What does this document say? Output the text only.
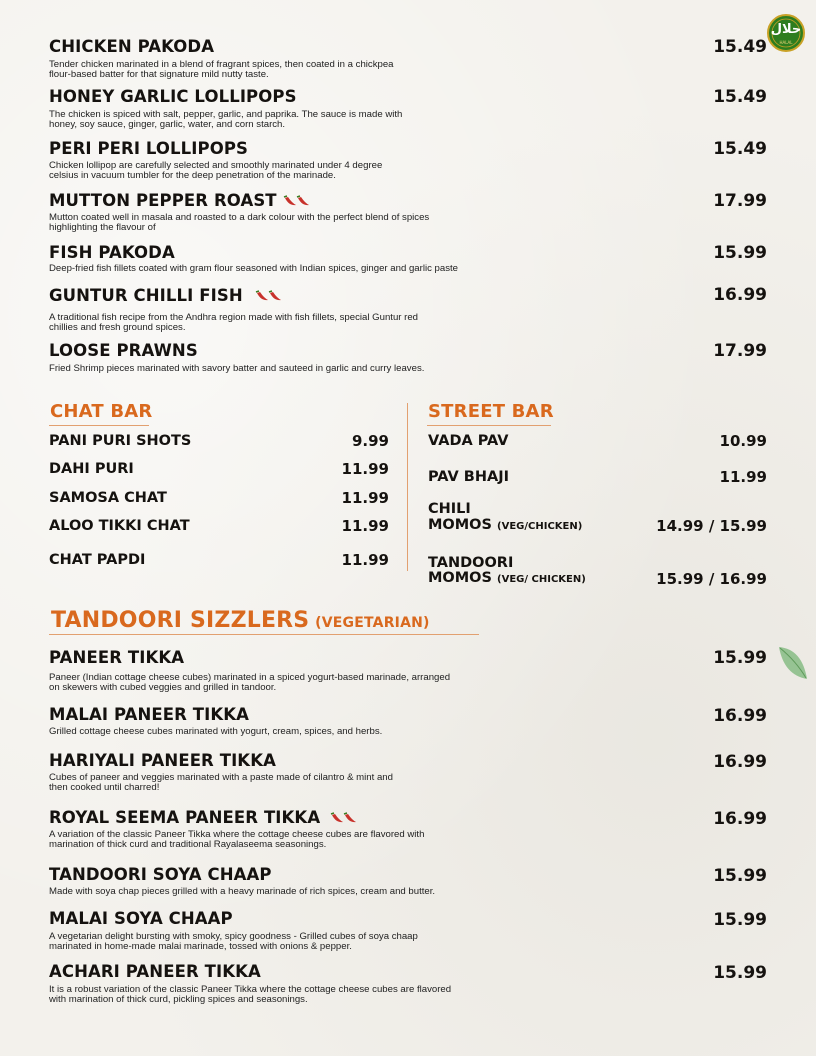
حلال
HALAL
CHICKEN PAKODA	15.49
Tender chicken marinated in a blend of fragrant spices, then coated in a chickpea
flour-based batter for that signature mild nutty taste.
HONEY GARLIC LOLLIPOPS	15.49
The chicken is spiced with salt, pepper, garlic, and paprika. The sauce is made with
honey, soy sauce, ginger, garlic, water, and corn starch.
PERI PERI LOLLIPOPS	15.49
Chicken lollipop are carefully selected and smoothly marinated under 4 degree
celsius in vacuum tumbler for the deep penetration of the marinade.
MUTTON PEPPER ROAST	17.99
Mutton coated well in masala and roasted to a dark colour with the perfect blend of spices
highlighting the flavour of
FISH PAKODA	15.99
Deep-fried fish fillets coated with gram flour seasoned with Indian spices, ginger and garlic paste
GUNTUR CHILLI FISH	16.99
A traditional fish recipe from the Andhra region made with fish fillets, special Guntur red
chillies and fresh ground spices.
LOOSE PRAWNS	17.99
Fried Shrimp pieces marinated with savory batter and sauteed in garlic and curry leaves.
CHAT BAR
PANI PURI SHOTS	9.99
DAHI PURI	11.99
SAMOSA CHAT	11.99
ALOO TIKKI CHAT	11.99
CHAT PAPDI	11.99
STREET BAR
VADA PAV	10.99
PAV BHAJI	11.99
CHILI
MOMOS (VEG/CHICKEN)	14.99 / 15.99
TANDOORI
MOMOS (VEG/ CHICKEN)	15.99 / 16.99
TANDOORI SIZZLERS (VEGETARIAN)
PANEER TIKKA	15.99
Paneer (Indian cottage cheese cubes) marinated in a spiced yogurt-based marinade, arranged
on skewers with cubed veggies and grilled in tandoor.
MALAI PANEER TIKKA	16.99
Grilled cottage cheese cubes marinated with yogurt, cream, spices, and herbs.
HARIYALI PANEER TIKKA	16.99
Cubes of paneer and veggies marinated with a paste made of cilantro & mint and
then cooked until charred!
ROYAL SEEMA PANEER TIKKA	16.99
A variation of the classic Paneer Tikka where the cottage cheese cubes are flavored with
marination of thick curd and traditional Rayalaseema seasonings.
TANDOORI SOYA CHAAP	15.99
Made with soya chap pieces grilled with a heavy marinade of rich spices, cream and butter.
MALAI SOYA CHAAP	15.99
A vegetarian delight bursting with smoky, spicy goodness - Grilled cubes of soya chaap
marinated in home-made malai marinade, tossed with onions & pepper.
ACHARI PANEER TIKKA	15.99
It is a robust variation of the classic Paneer Tikka where the cottage cheese cubes are flavored
with marination of thick curd, pickling spices and seasonings.
